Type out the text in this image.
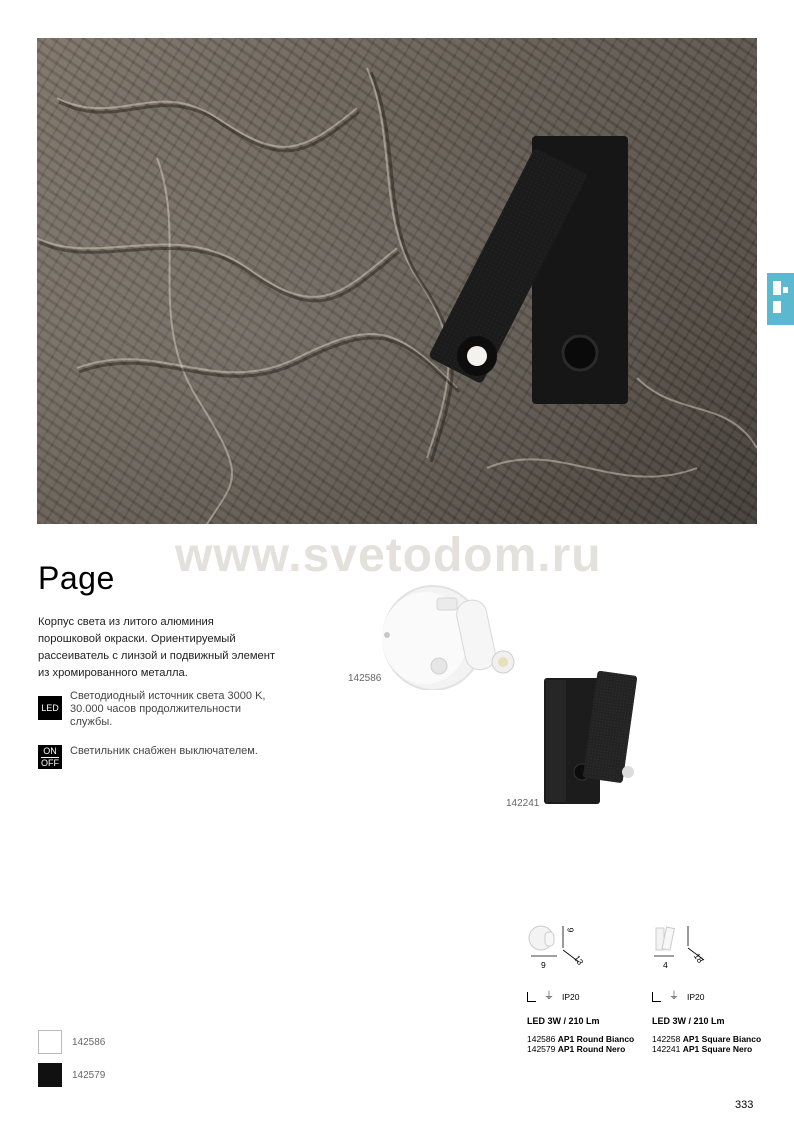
www.svetodom.ru
Page
Корпус света из литого алюминия порошковой окраски. Ориентируемый рассеиватель с линзой и подвижный элемент из хромированного металла.
LED
Светодиодный источник света 3000 K, 30.000 часов продолжительности службы.
ON
OFF
Светильник снабжен выключателем.
142586
142241
9
9
13
⏚ IP20
LED 3W / 210 Lm
142586 AP1 Round Bianco
142579 AP1 Round Nero
4
18
⏚ IP20
LED 3W / 210 Lm
142258 AP1 Square Bianco
142241 AP1 Square Nero
142586
142579
333
